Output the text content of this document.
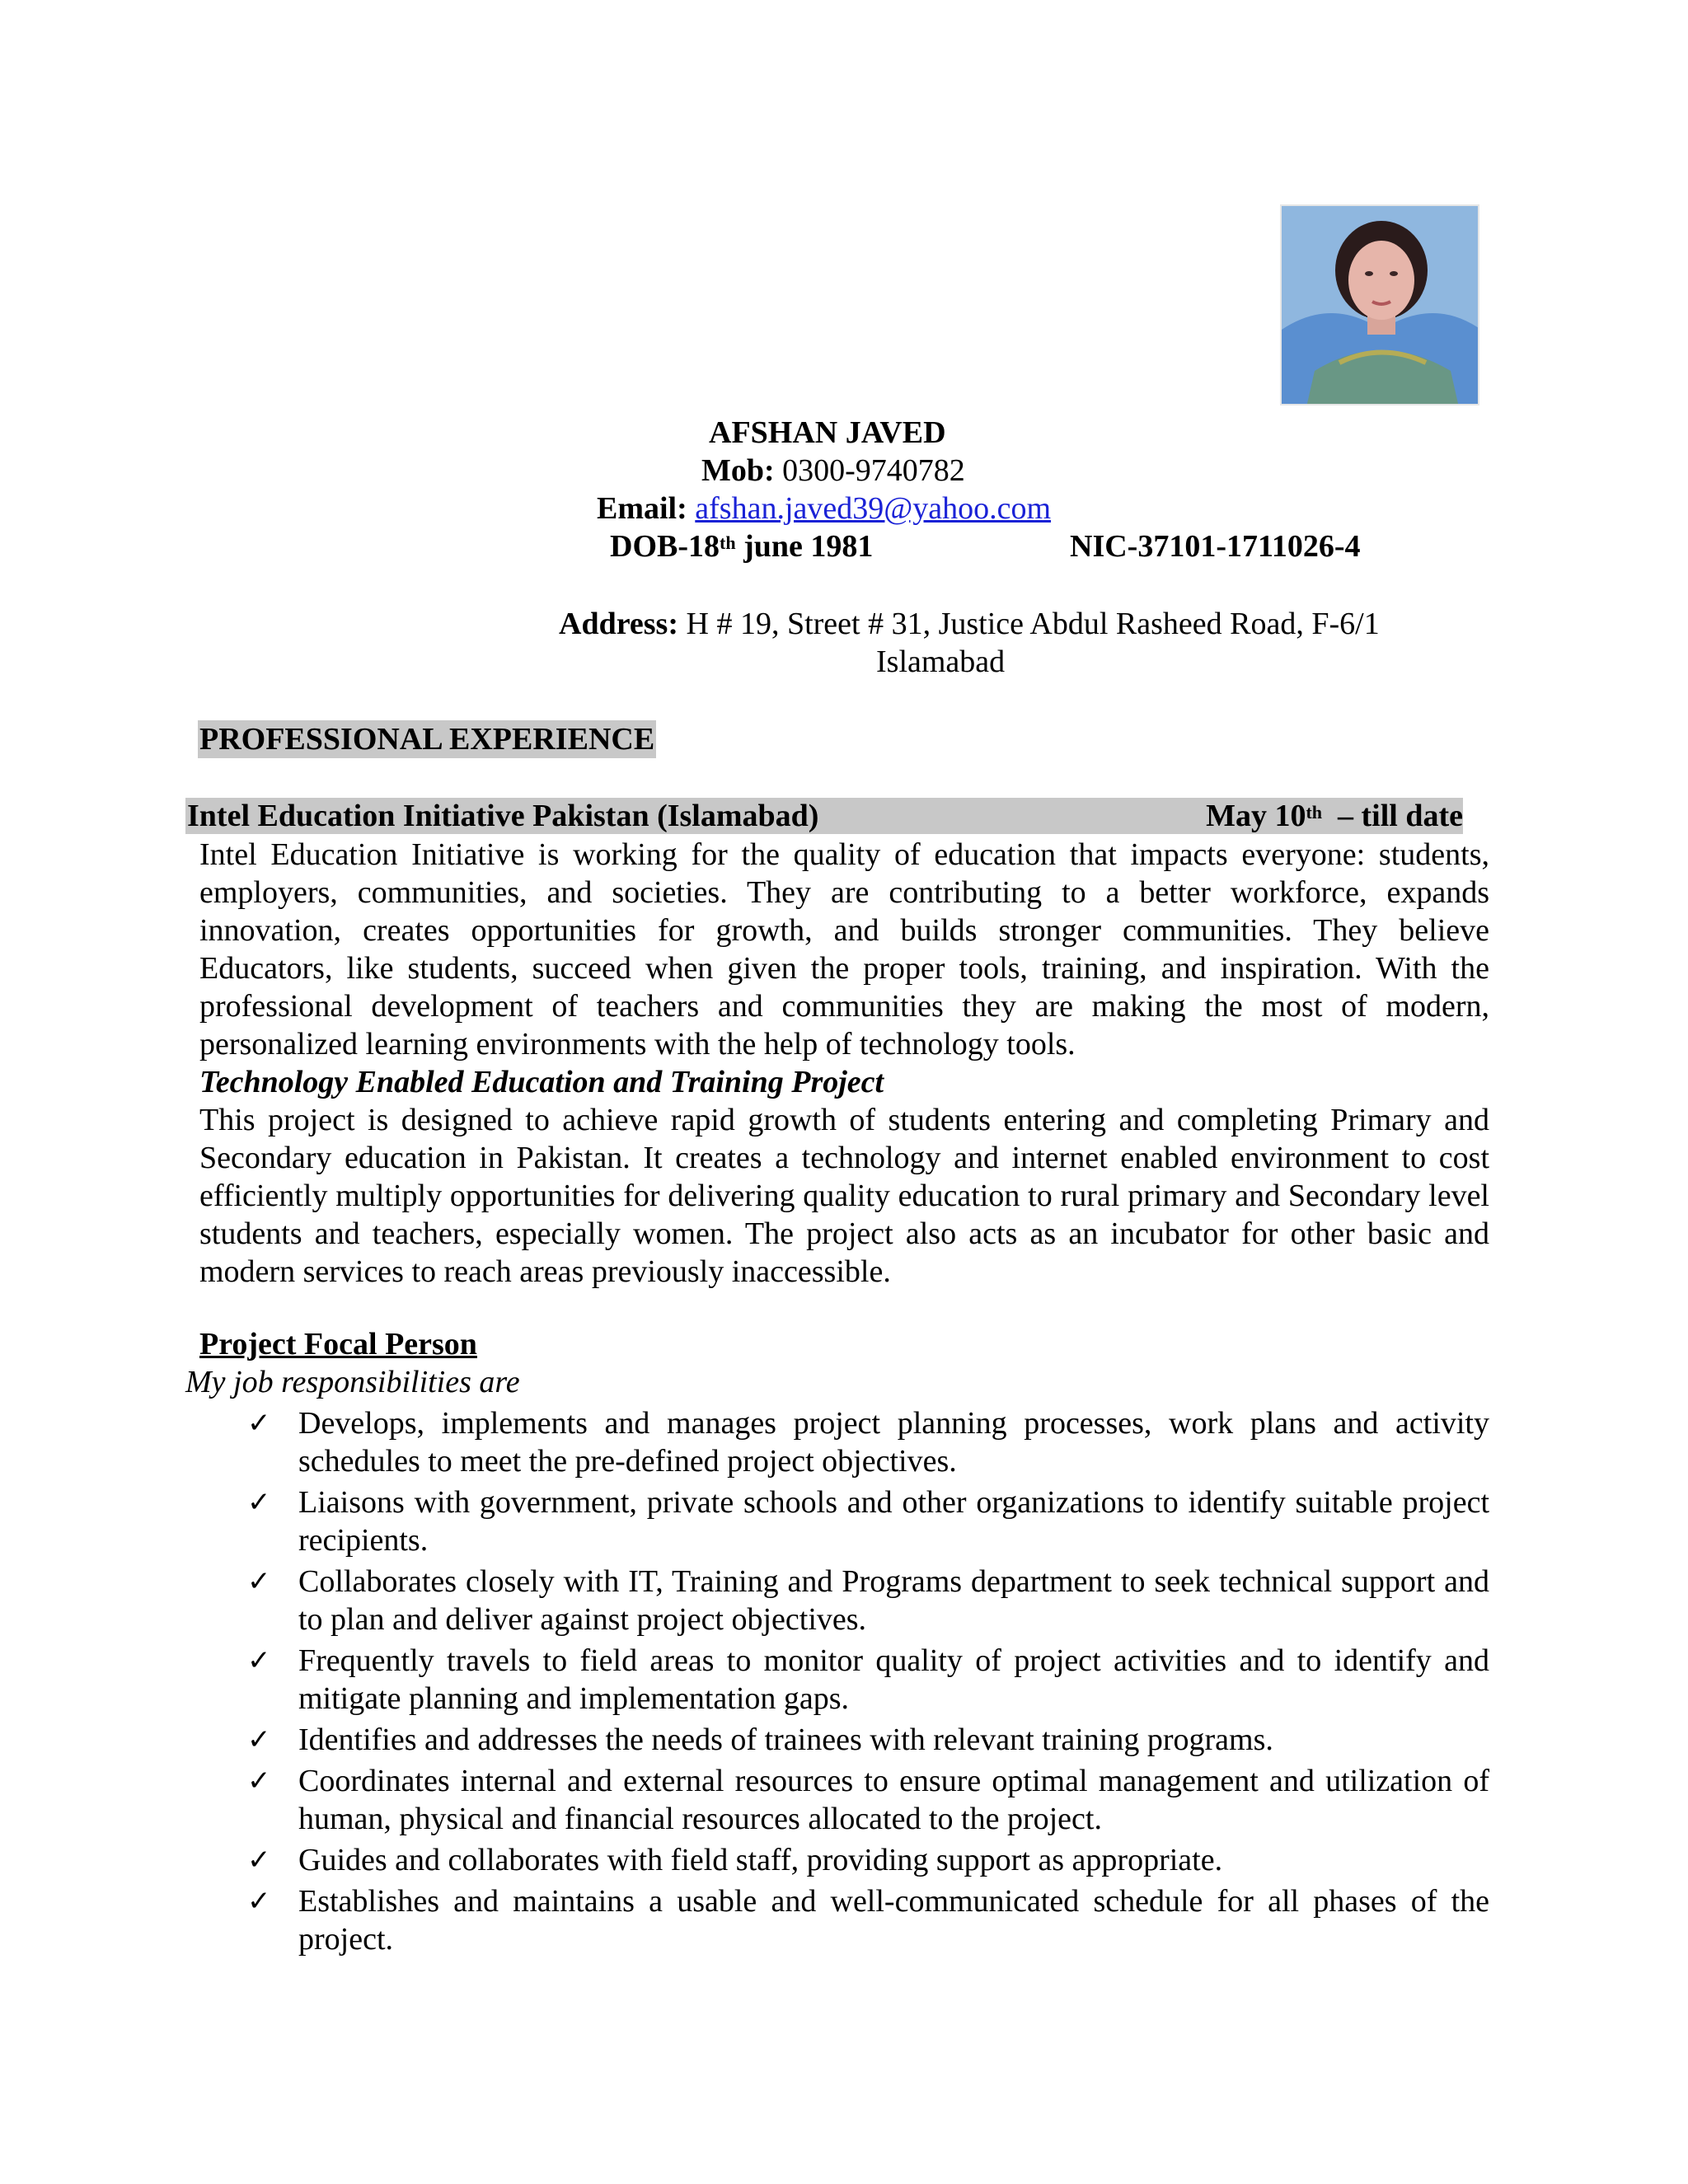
AFSHAN JAVED
Mob: 0300-9740782
Email: afshan.javed39@yahoo.com
DOB-18th june 1981	NIC-37101-1711026-4
Address: H # 19, Street # 31, Justice Abdul Rasheed Road, F-6/1
Islamabad
PROFESSIONAL EXPERIENCE
Intel Education Initiative Pakistan (Islamabad)	May 10th  – till date
Intel Education Initiative is working for the quality of education that impacts everyone: students, employers, communities, and societies. They are contributing to a better workforce, expands innovation, creates opportunities for growth, and builds stronger communities. They believe Educators, like students, succeed when given the proper tools, training, and inspiration. With the professional development of teachers and communities they are making the most of modern, personalized learning environments with the help of technology tools.
Technology Enabled Education and Training Project
This project is designed to achieve rapid growth of students entering and completing Primary and Secondary education in Pakistan. It creates a technology and internet enabled environment to cost efficiently multiply opportunities for delivering quality education to rural primary and Secondary level students and teachers, especially women. The project also acts as an incubator for other basic and modern services to reach areas previously inaccessible.
Project Focal Person
My job responsibilities are
✓ Develops, implements and manages project planning processes, work plans and activity schedules to meet the pre-defined project objectives.
✓ Liaisons with government, private schools and other organizations to identify suitable project recipients.
✓ Collaborates closely with IT, Training and Programs department to seek technical support and to plan and deliver against project objectives.
✓ Frequently travels to field areas to monitor quality of project activities and to identify and mitigate planning and implementation gaps.
✓ Identifies and addresses the needs of trainees with relevant training programs.
✓ Coordinates internal and external resources to ensure optimal management and utilization of human, physical and financial resources allocated to the project.
✓ Guides and collaborates with field staff, providing support as appropriate.
✓ Establishes and maintains a usable and well-communicated schedule for all phases of the project.
